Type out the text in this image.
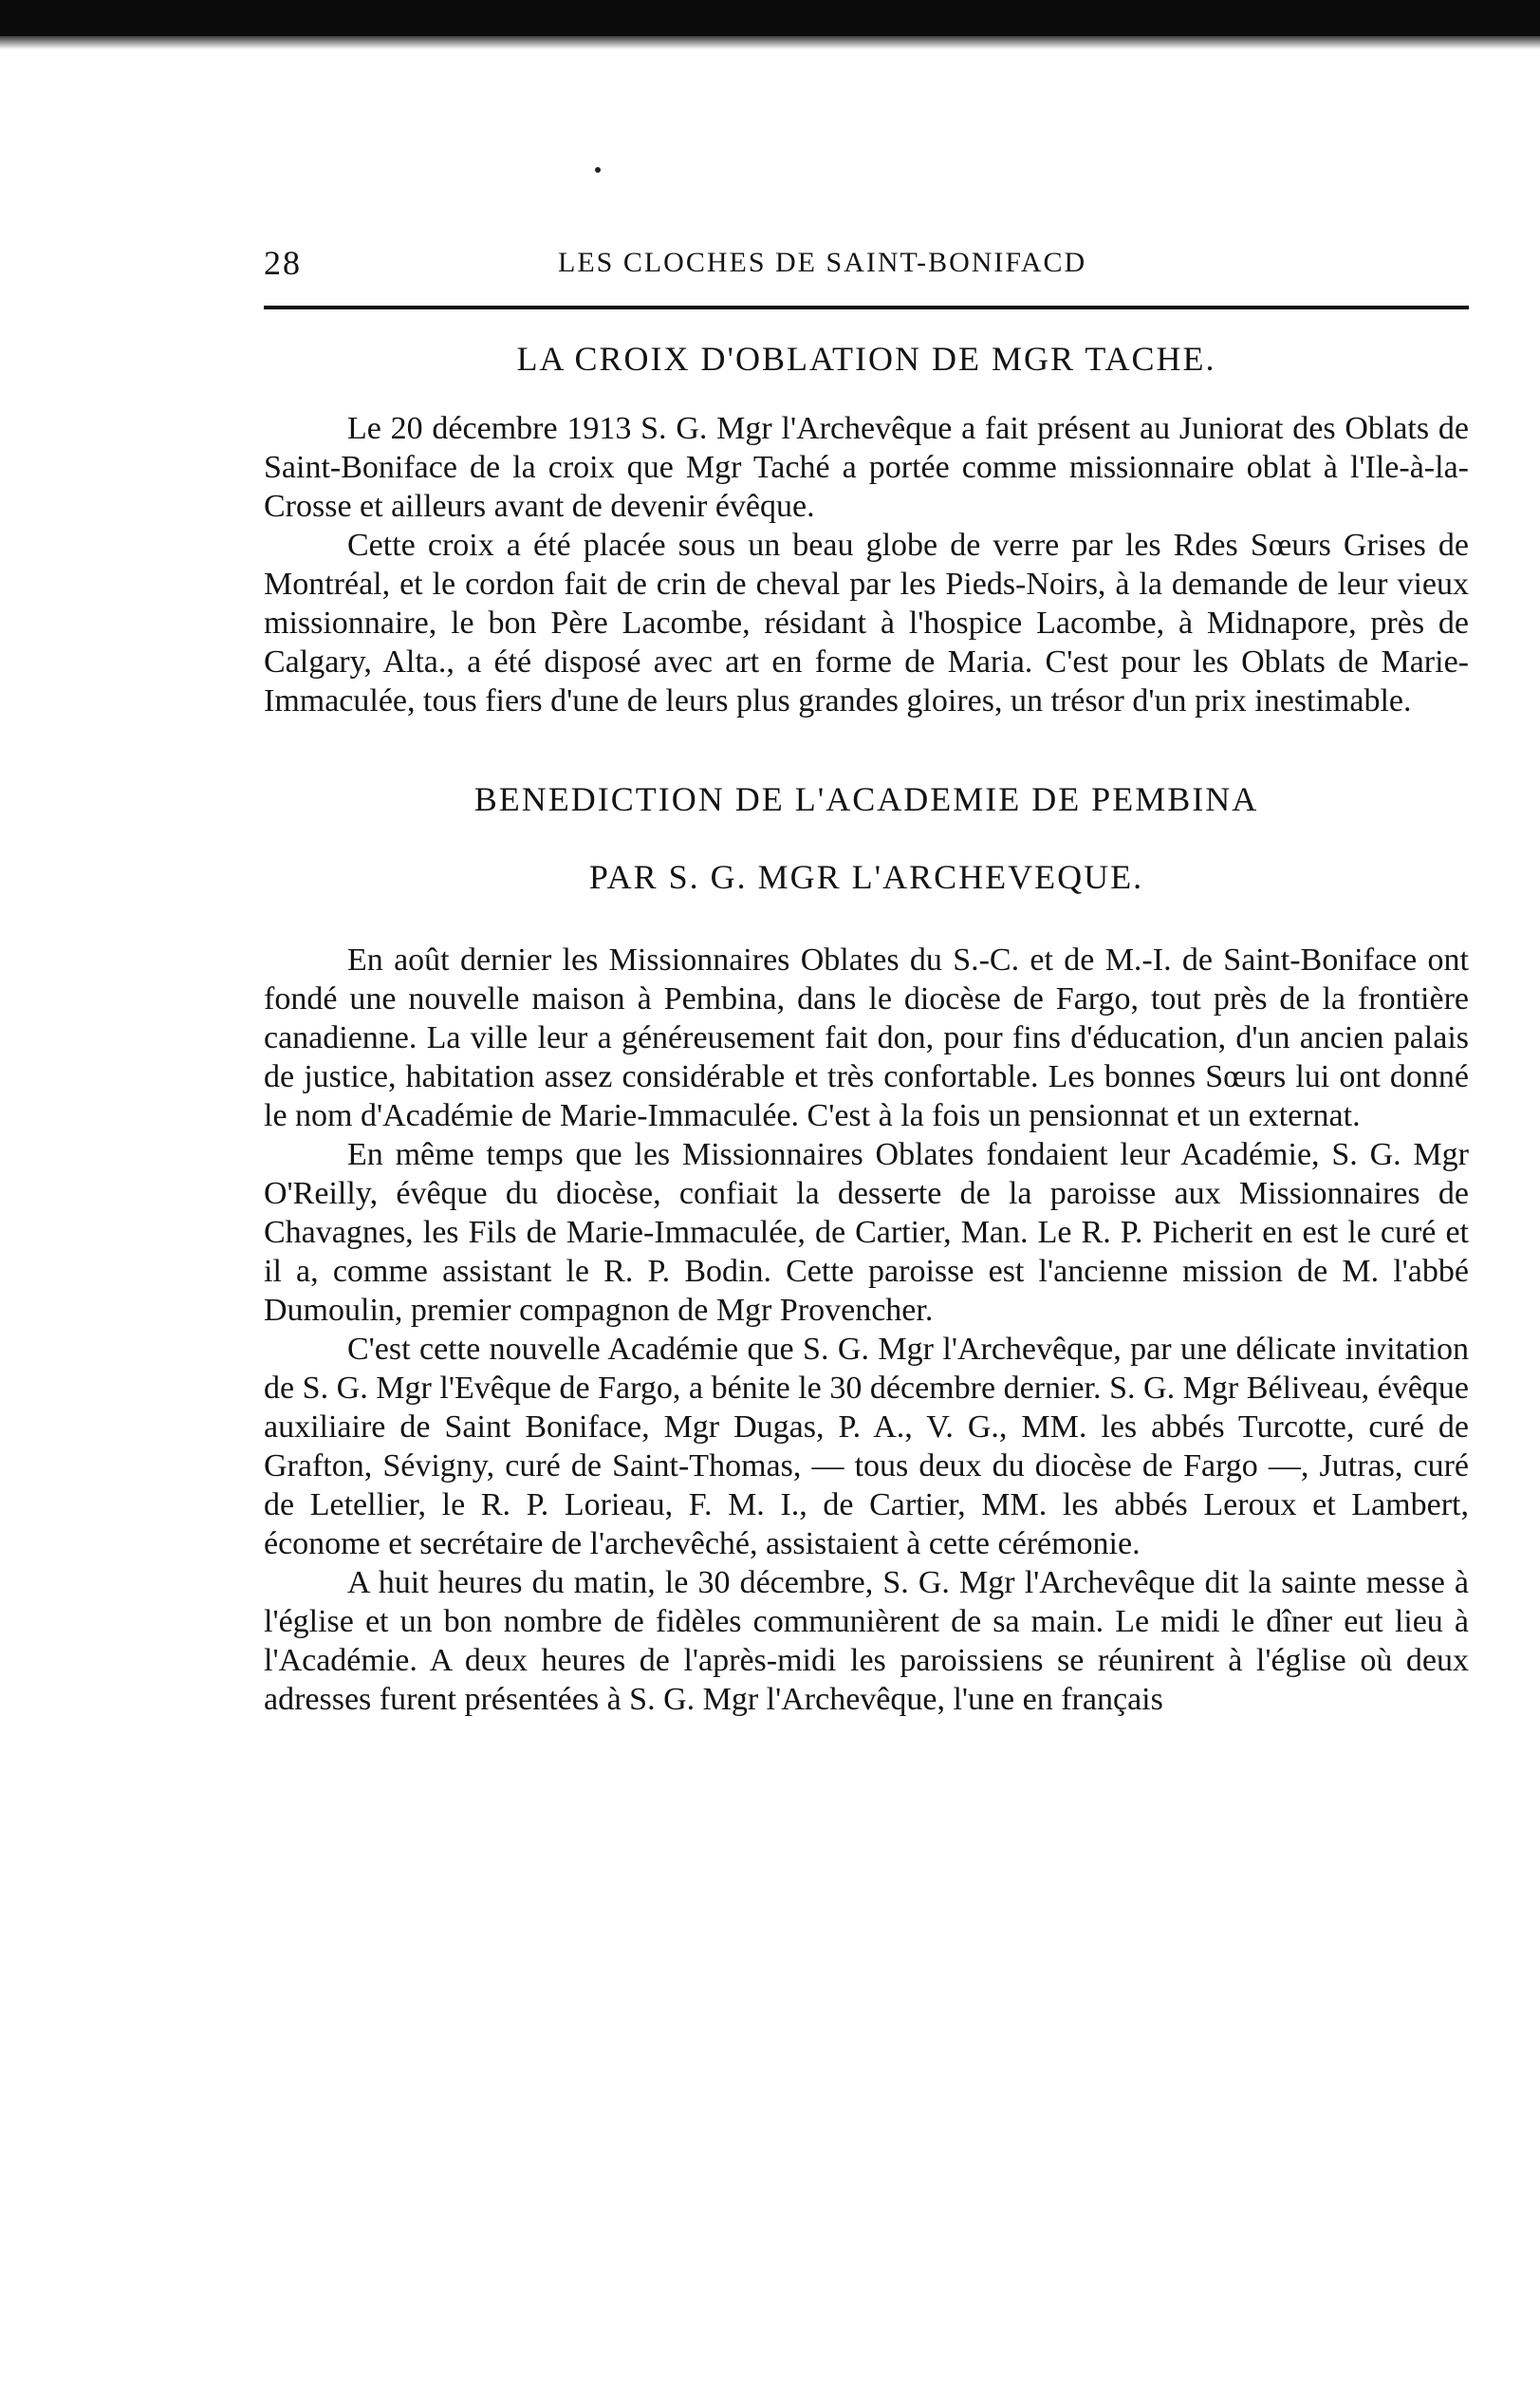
28	LES CLOCHES DE SAINT-BONIFACD
LA CROIX D'OBLATION DE MGR TACHE.

Le 20 décembre 1913 S. G. Mgr l'Archevêque a fait présent au Juniorat des Oblats de Saint-Boniface de la croix que Mgr Taché a portée comme missionnaire oblat à l'Ile-à-la-Crosse et ailleurs avant de devenir évêque.

Cette croix a été placée sous un beau globe de verre par les Rdes Sœurs Grises de Montréal, et le cordon fait de crin de cheval par les Pieds-Noirs, à la demande de leur vieux missionnaire, le bon Père Lacombe, résidant à l'hospice Lacombe, à Midnapore, près de Calgary, Alta., a été disposé avec art en forme de Maria. C'est pour les Oblats de Marie-Immaculée, tous fiers d'une de leurs plus grandes gloires, un trésor d'un prix inestimable.

BENEDICTION DE L'ACADEMIE DE PEMBINA
PAR S. G. MGR L'ARCHEVEQUE.

En août dernier les Missionnaires Oblates du S.-C. et de M.-I. de Saint-Boniface ont fondé une nouvelle maison à Pembina, dans le diocèse de Fargo, tout près de la frontière canadienne. La ville leur a généreusement fait don, pour fins d'éducation, d'un ancien palais de justice, habitation assez considérable et très confortable. Les bonnes Sœurs lui ont donné le nom d'Académie de Marie-Immaculée. C'est à la fois un pensionnat et un externat.

En même temps que les Missionnaires Oblates fondaient leur Académie, S. G. Mgr O'Reilly, évêque du diocèse, confiait la desserte de la paroisse aux Missionnaires de Chavagnes, les Fils de Marie-Immaculée, de Cartier, Man. Le R. P. Picherit en est le curé et il a, comme assistant le R. P. Bodin. Cette paroisse est l'ancienne mission de M. l'abbé Dumoulin, premier compagnon de Mgr Provencher.

C'est cette nouvelle Académie que S. G. Mgr l'Archevêque, par une délicate invitation de S. G. Mgr l'Evêque de Fargo, a bénite le 30 décembre dernier. S. G. Mgr Béliveau, évêque auxiliaire de Saint Boniface, Mgr Dugas, P. A., V. G., MM. les abbés Turcotte, curé de Grafton, Sévigny, curé de Saint-Thomas, — tous deux du diocèse de Fargo —, Jutras, curé de Letellier, le R. P. Lorieau, F. M. I., de Cartier, MM. les abbés Leroux et Lambert, économe et secrétaire de l'archevêché, assistaient à cette cérémonie.

A huit heures du matin, le 30 décembre, S. G. Mgr l'Archevêque dit la sainte messe à l'église et un bon nombre de fidèles communièrent de sa main. Le midi le dîner eut lieu à l'Académie. A deux heures de l'après-midi les paroissiens se réunirent à l'église où deux adresses furent présentées à S. G. Mgr l'Archevêque, l'une en français
